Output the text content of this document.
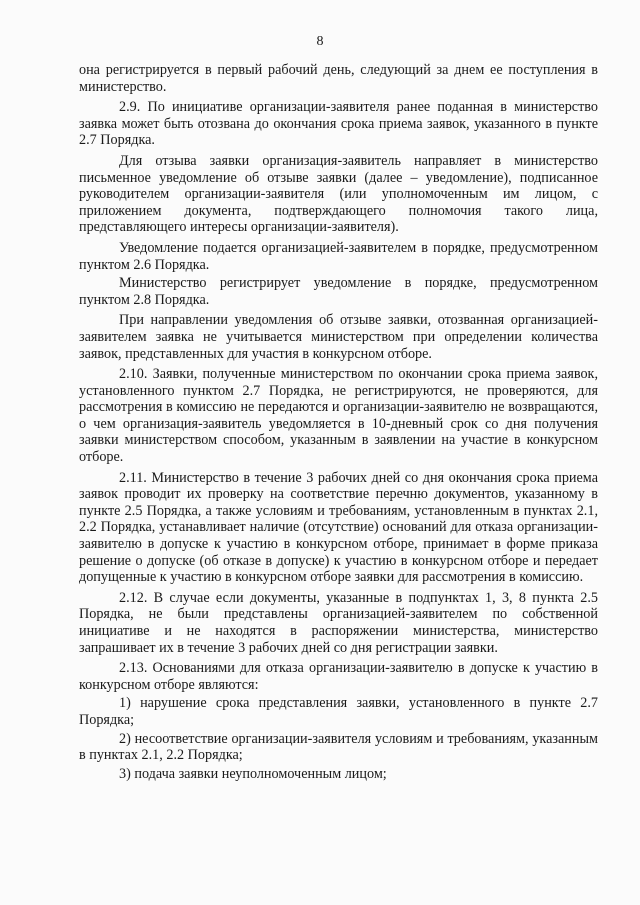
8

она регистрируется в первый рабочий день, следующий за днем ее поступления в министерство.

2.9. По инициативе организации-заявителя ранее поданная в министерство заявка может быть отозвана до окончания срока приема заявок, указанного в пункте 2.7 Порядка.

Для отзыва заявки организация-заявитель направляет в министерство письменное уведомление об отзыве заявки (далее – уведомление), подписанное руководителем организации-заявителя (или уполномоченным им лицом, с приложением документа, подтверждающего полномочия такого лица, представляющего интересы организации-заявителя).

Уведомление подается организацией-заявителем в порядке, предусмотренном пунктом 2.6 Порядка.

Министерство регистрирует уведомление в порядке, предусмотренном пунктом 2.8 Порядка.

При направлении уведомления об отзыве заявки, отозванная организацией-заявителем заявка не учитывается министерством при определении количества заявок, представленных для участия в конкурсном отборе.

2.10. Заявки, полученные министерством по окончании срока приема заявок, установленного пунктом 2.7 Порядка, не регистрируются, не проверяются, для рассмотрения в комиссию не передаются и организации-заявителю не возвращаются, о чем организация-заявитель уведомляется в 10-дневный срок со дня получения заявки министерством способом, указанным в заявлении на участие в конкурсном отборе.

2.11. Министерство в течение 3 рабочих дней со дня окончания срока приема заявок проводит их проверку на соответствие перечню документов, указанному в пункте 2.5 Порядка, а также условиям и требованиям, установленным в пунктах 2.1, 2.2 Порядка, устанавливает наличие (отсутствие) оснований для отказа организации-заявителю в допуске к участию в конкурсном отборе, принимает в форме приказа решение о допуске (об отказе в допуске) к участию в конкурсном отборе и передает допущенные к участию в конкурсном отборе заявки для рассмотрения в комиссию.

2.12. В случае если документы, указанные в подпунктах 1, 3, 8 пункта 2.5 Порядка, не были представлены организацией-заявителем по собственной инициативе и не находятся в распоряжении министерства, министерство запрашивает их в течение 3 рабочих дней со дня регистрации заявки.

2.13. Основаниями для отказа организации-заявителю в допуске к участию в конкурсном отборе являются:

1) нарушение срока представления заявки, установленного в пункте 2.7 Порядка;

2) несоответствие организации-заявителя условиям и требованиям, указанным в пунктах 2.1, 2.2 Порядка;

3) подача заявки неуполномоченным лицом;
